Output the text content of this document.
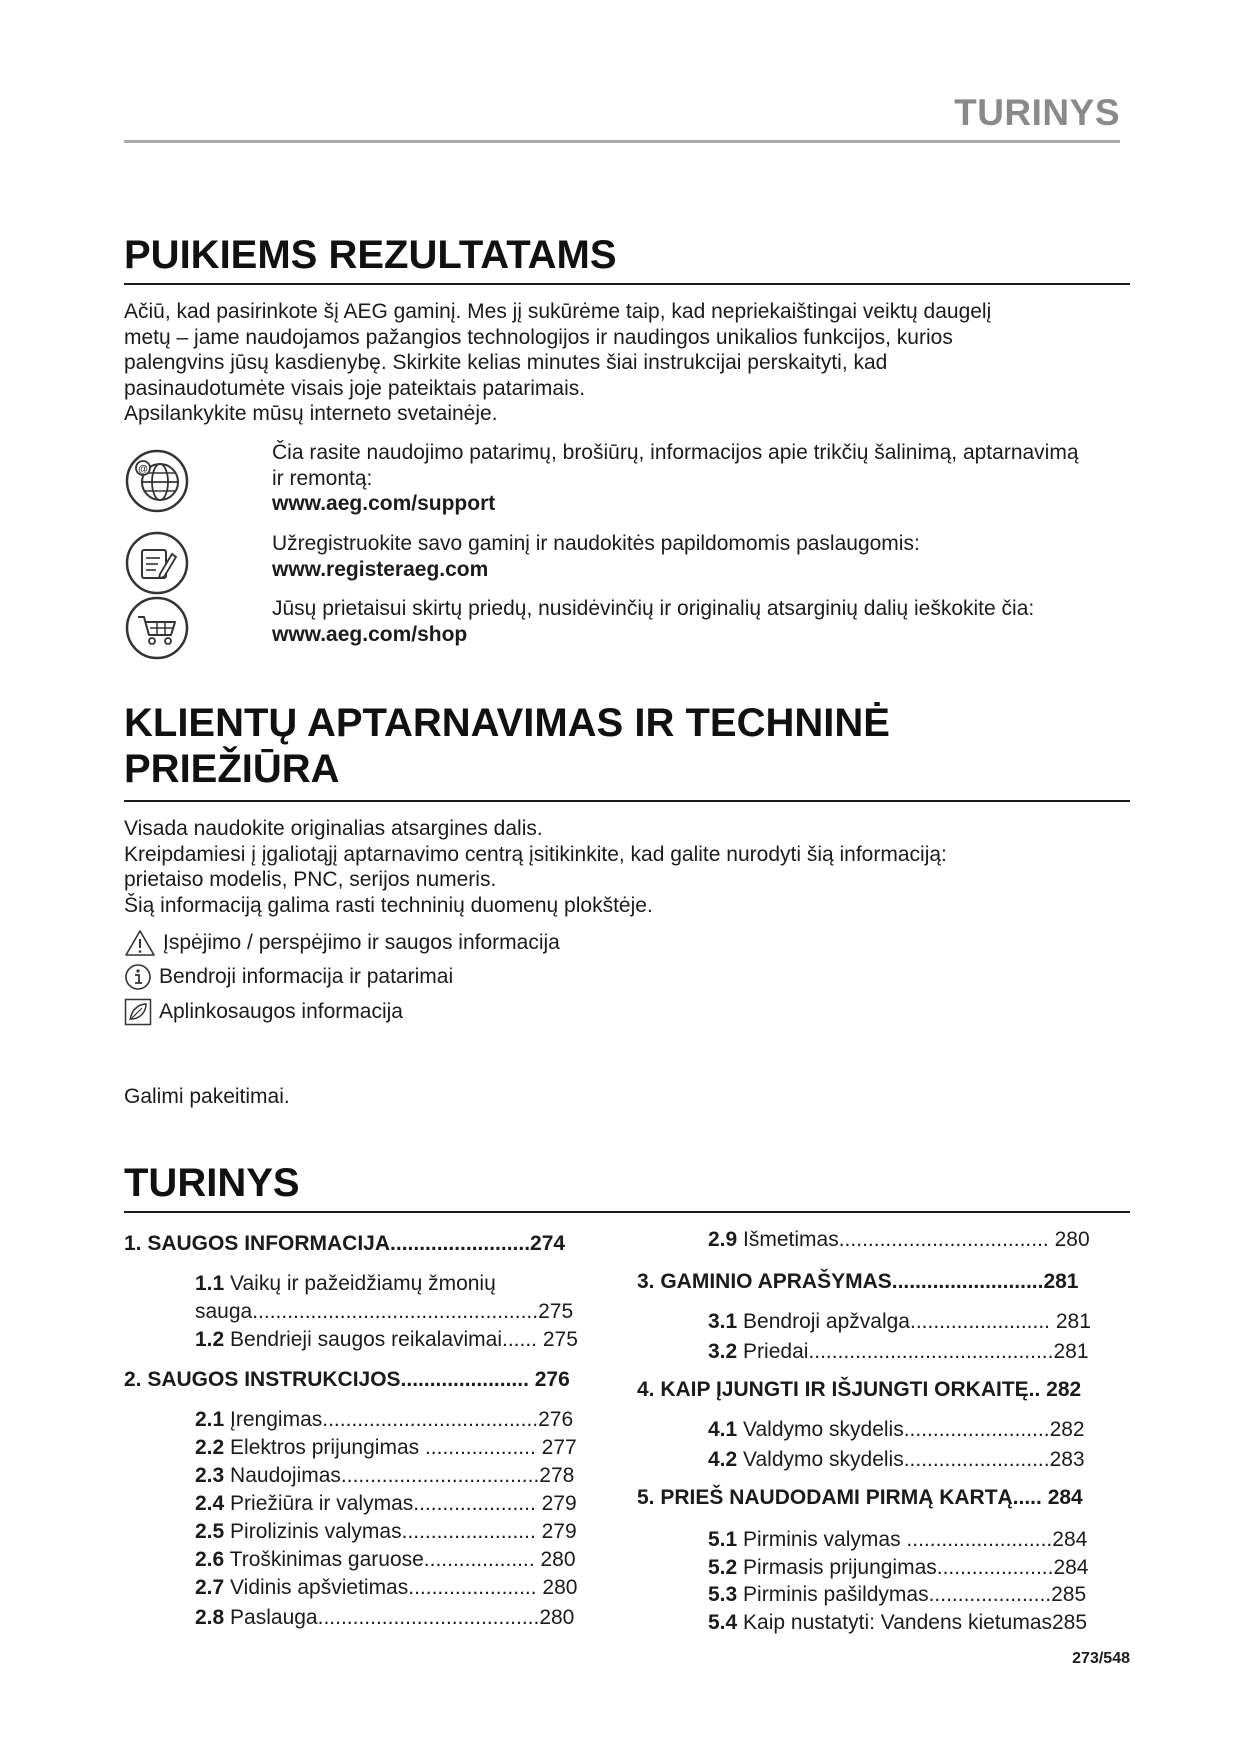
TURINYS
PUIKIEMS REZULTATAMS

Ačiū, kad pasirinkote šį AEG gaminį. Mes jį sukūrėme taip, kad nepriekaištingai veiktų daugelį

metų – jame naudojamos pažangios technologijos ir naudingos unikalios funkcijos, kurios

palengvins jūsų kasdienybę. Skirkite kelias minutes šiai instrukcijai perskaityti, kad

pasinaudotumėte visais joje pateiktais patarimais.

Apsilankykite mūsų interneto svetainėje.

@
Čia rasite naudojimo patarimų, brošiūrų, informacijos apie trikčių šalinimą, aptarnavimą
ir remontą:
www.aeg.com/support
Užregistruokite savo gaminį ir naudokitės papildomomis paslaugomis:
www.registeraeg.com
Jūsų prietaisui skirtų priedų, nusidėvinčių ir originalių atsarginių dalių ieškokite čia:
www.aeg.com/shop
KLIENTŲ APTARNAVIMAS IR TECHNINĖ
PRIEŽIŪRA

Visada naudokite originalias atsargines dalis.

Kreipdamiesi į įgaliotąjį aptarnavimo centrą įsitikinkite, kad galite nurodyti šią informaciją:

prietaiso modelis, PNC, serijos numeris.

Šią informaciją galima rasti techninių duomenų plokštėje.

Įspėjimo / perspėjimo ir saugos informacija
Bendroji informacija ir patarimai
Aplinkosaugos informacija
Galimi pakeitimai.
TURINYS
1. SAUGOS INFORMACIJA........................274
1.1 Vaikų ir pažeidžiamų žmonių
sauga.................................................275
1.2 Bendrieji saugos reikalavimai...... 275
2. SAUGOS INSTRUKCIJOS...................... 276
2.1 Įrengimas.....................................276
2.2 Elektros prijungimas ................... 277
2.3 Naudojimas..................................278
2.4 Priežiūra ir valymas..................... 279
2.5 Pirolizinis valymas....................... 279
2.6 Troškinimas garuose................... 280
2.7 Vidinis apšvietimas...................... 280
2.8 Paslauga......................................280
2.9 Išmetimas.................................... 280
3. GAMINIO APRAŠYMAS..........................281
3.1 Bendroji apžvalga........................ 281
3.2 Priedai..........................................281
4. KAIP ĮJUNGTI IR IŠJUNGTI ORKAITĘ.. 282
4.1 Valdymo skydelis.........................282
4.2 Valdymo skydelis.........................283
5. PRIEŠ NAUDODAMI PIRMĄ KARTĄ..... 284
5.1 Pirminis valymas .........................284
5.2 Pirmasis prijungimas....................284
5.3 Pirminis pašildymas.....................285
5.4 Kaip nustatyti: Vandens kietumas285
273/548
